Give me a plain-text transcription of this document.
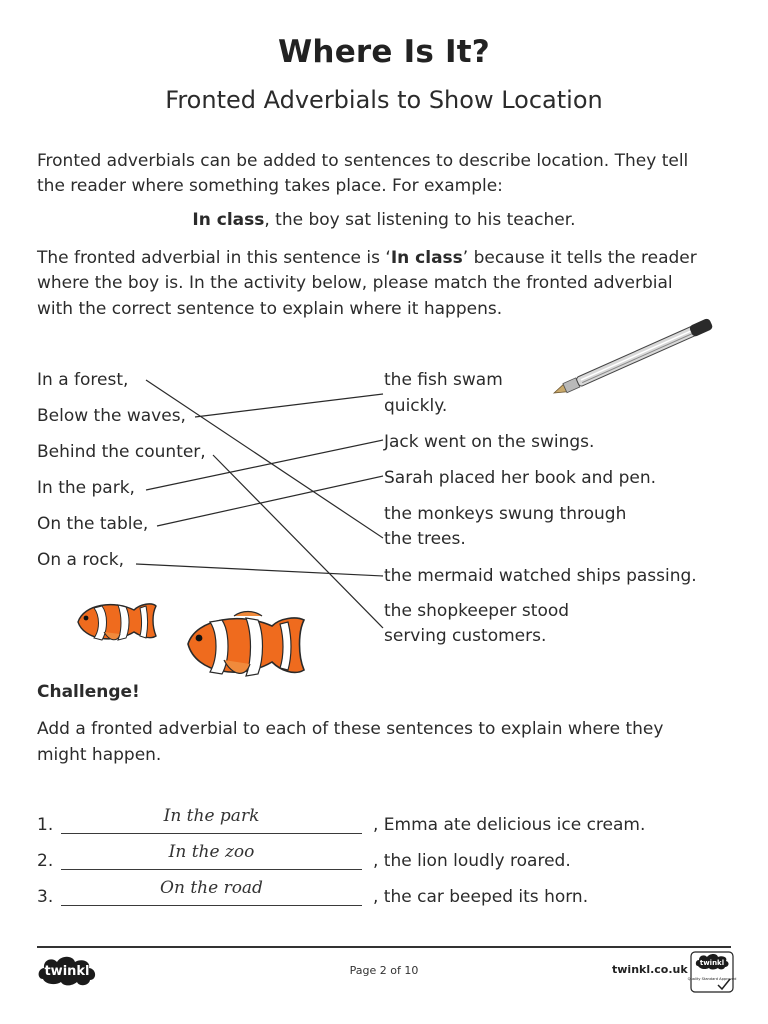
Where Is It?
Fronted Adverbials to Show Location
Fronted adverbials can be added to sentences to describe location. They tell
the reader where something takes place. For example:
In class, the boy sat listening to his teacher.
The fronted adverbial in this sentence is ‘In class’ because it tells the reader
where the boy is. In the activity below, please match the fronted adverbial
with the correct sentence to explain where it happens.
In a forest,
Below the waves,
Behind the counter,
In the park,
On the table,
On a rock,
the fish swam
quickly.
Jack went on the swings.
Sarah placed her book and pen.
the monkeys swung through
the trees.
the mermaid watched ships passing.
the shopkeeper stood
serving customers.
Challenge!
Add a fronted adverbial to each of these sentences to explain where they
might happen.
1.	In the park	, Emma ate delicious ice cream.
2.	In the zoo	, the lion loudly roared.
3.	On the road	, the car beeped its horn.
twinkl	Page 2 of 10	twinkl.co.uk twinkl
Quality Standard Approved
